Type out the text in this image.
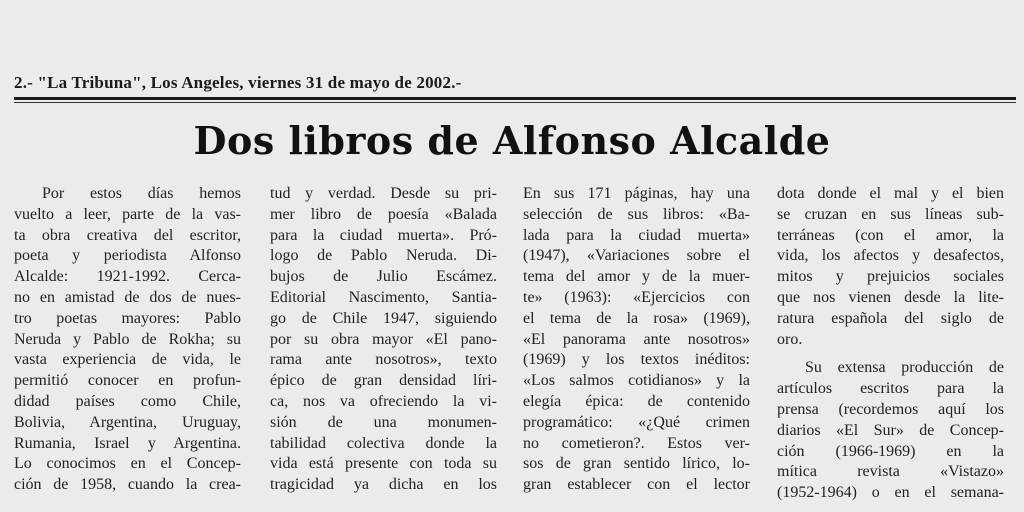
2.- "La Tribuna", Los Angeles, viernes 31 de mayo de 2002.-
Dos libros de Alfonso Alcalde
Por estos días hemos
vuelto a leer, parte de la vas-
ta obra creativa del escritor,
poeta y periodista Alfonso
Alcalde: 1921-1992. Cerca-
no en amistad de dos de nues-
tro poetas mayores: Pablo
Neruda y Pablo de Rokha; su
vasta experiencia de vida, le
permitió conocer en profun-
didad países como Chile,
Bolivia, Argentina, Uruguay,
Rumania, Israel y Argentina.
Lo conocimos en el Concep-
ción de 1958, cuando la crea-
tud y verdad. Desde su pri-
mer libro de poesía «Balada
para la ciudad muerta». Pró-
logo de Pablo Neruda. Di-
bujos de Julio Escámez.
Editorial Nascimento, Santia-
go de Chile 1947, siguiendo
por su obra mayor «El pano-
rama ante nosotros», texto
épico de gran densidad líri-
ca, nos va ofreciendo la vi-
sión de una monumen-
tabilidad colectiva donde la
vida está presente con toda su
tragicidad ya dicha en los
En sus 171 páginas, hay una
selección de sus libros: «Ba-
lada para la ciudad muerta»
(1947), «Variaciones sobre el
tema del amor y de la muer-
te» (1963): «Ejercicios con
el tema de la rosa» (1969),
«El panorama ante nosotros»
(1969) y los textos inéditos:
«Los salmos cotidianos» y la
elegía épica: de contenido
programático: «¿Qué crimen
no cometieron?. Estos ver-
sos de gran sentido lírico, lo-
gran establecer con el lector
dota donde el mal y el bien
se cruzan en sus líneas sub-
terráneas (con el amor, la
vida, los afectos y desafectos,
mitos y prejuicios sociales
que nos vienen desde la lite-
ratura española del siglo de
oro.
Su extensa producción de
artículos escritos para la
prensa (recordemos aquí los
diarios «El Sur» de Concep-
ción (1966-1969) en la
mítica revista «Vistazo»
(1952-1964) o en el semana-
